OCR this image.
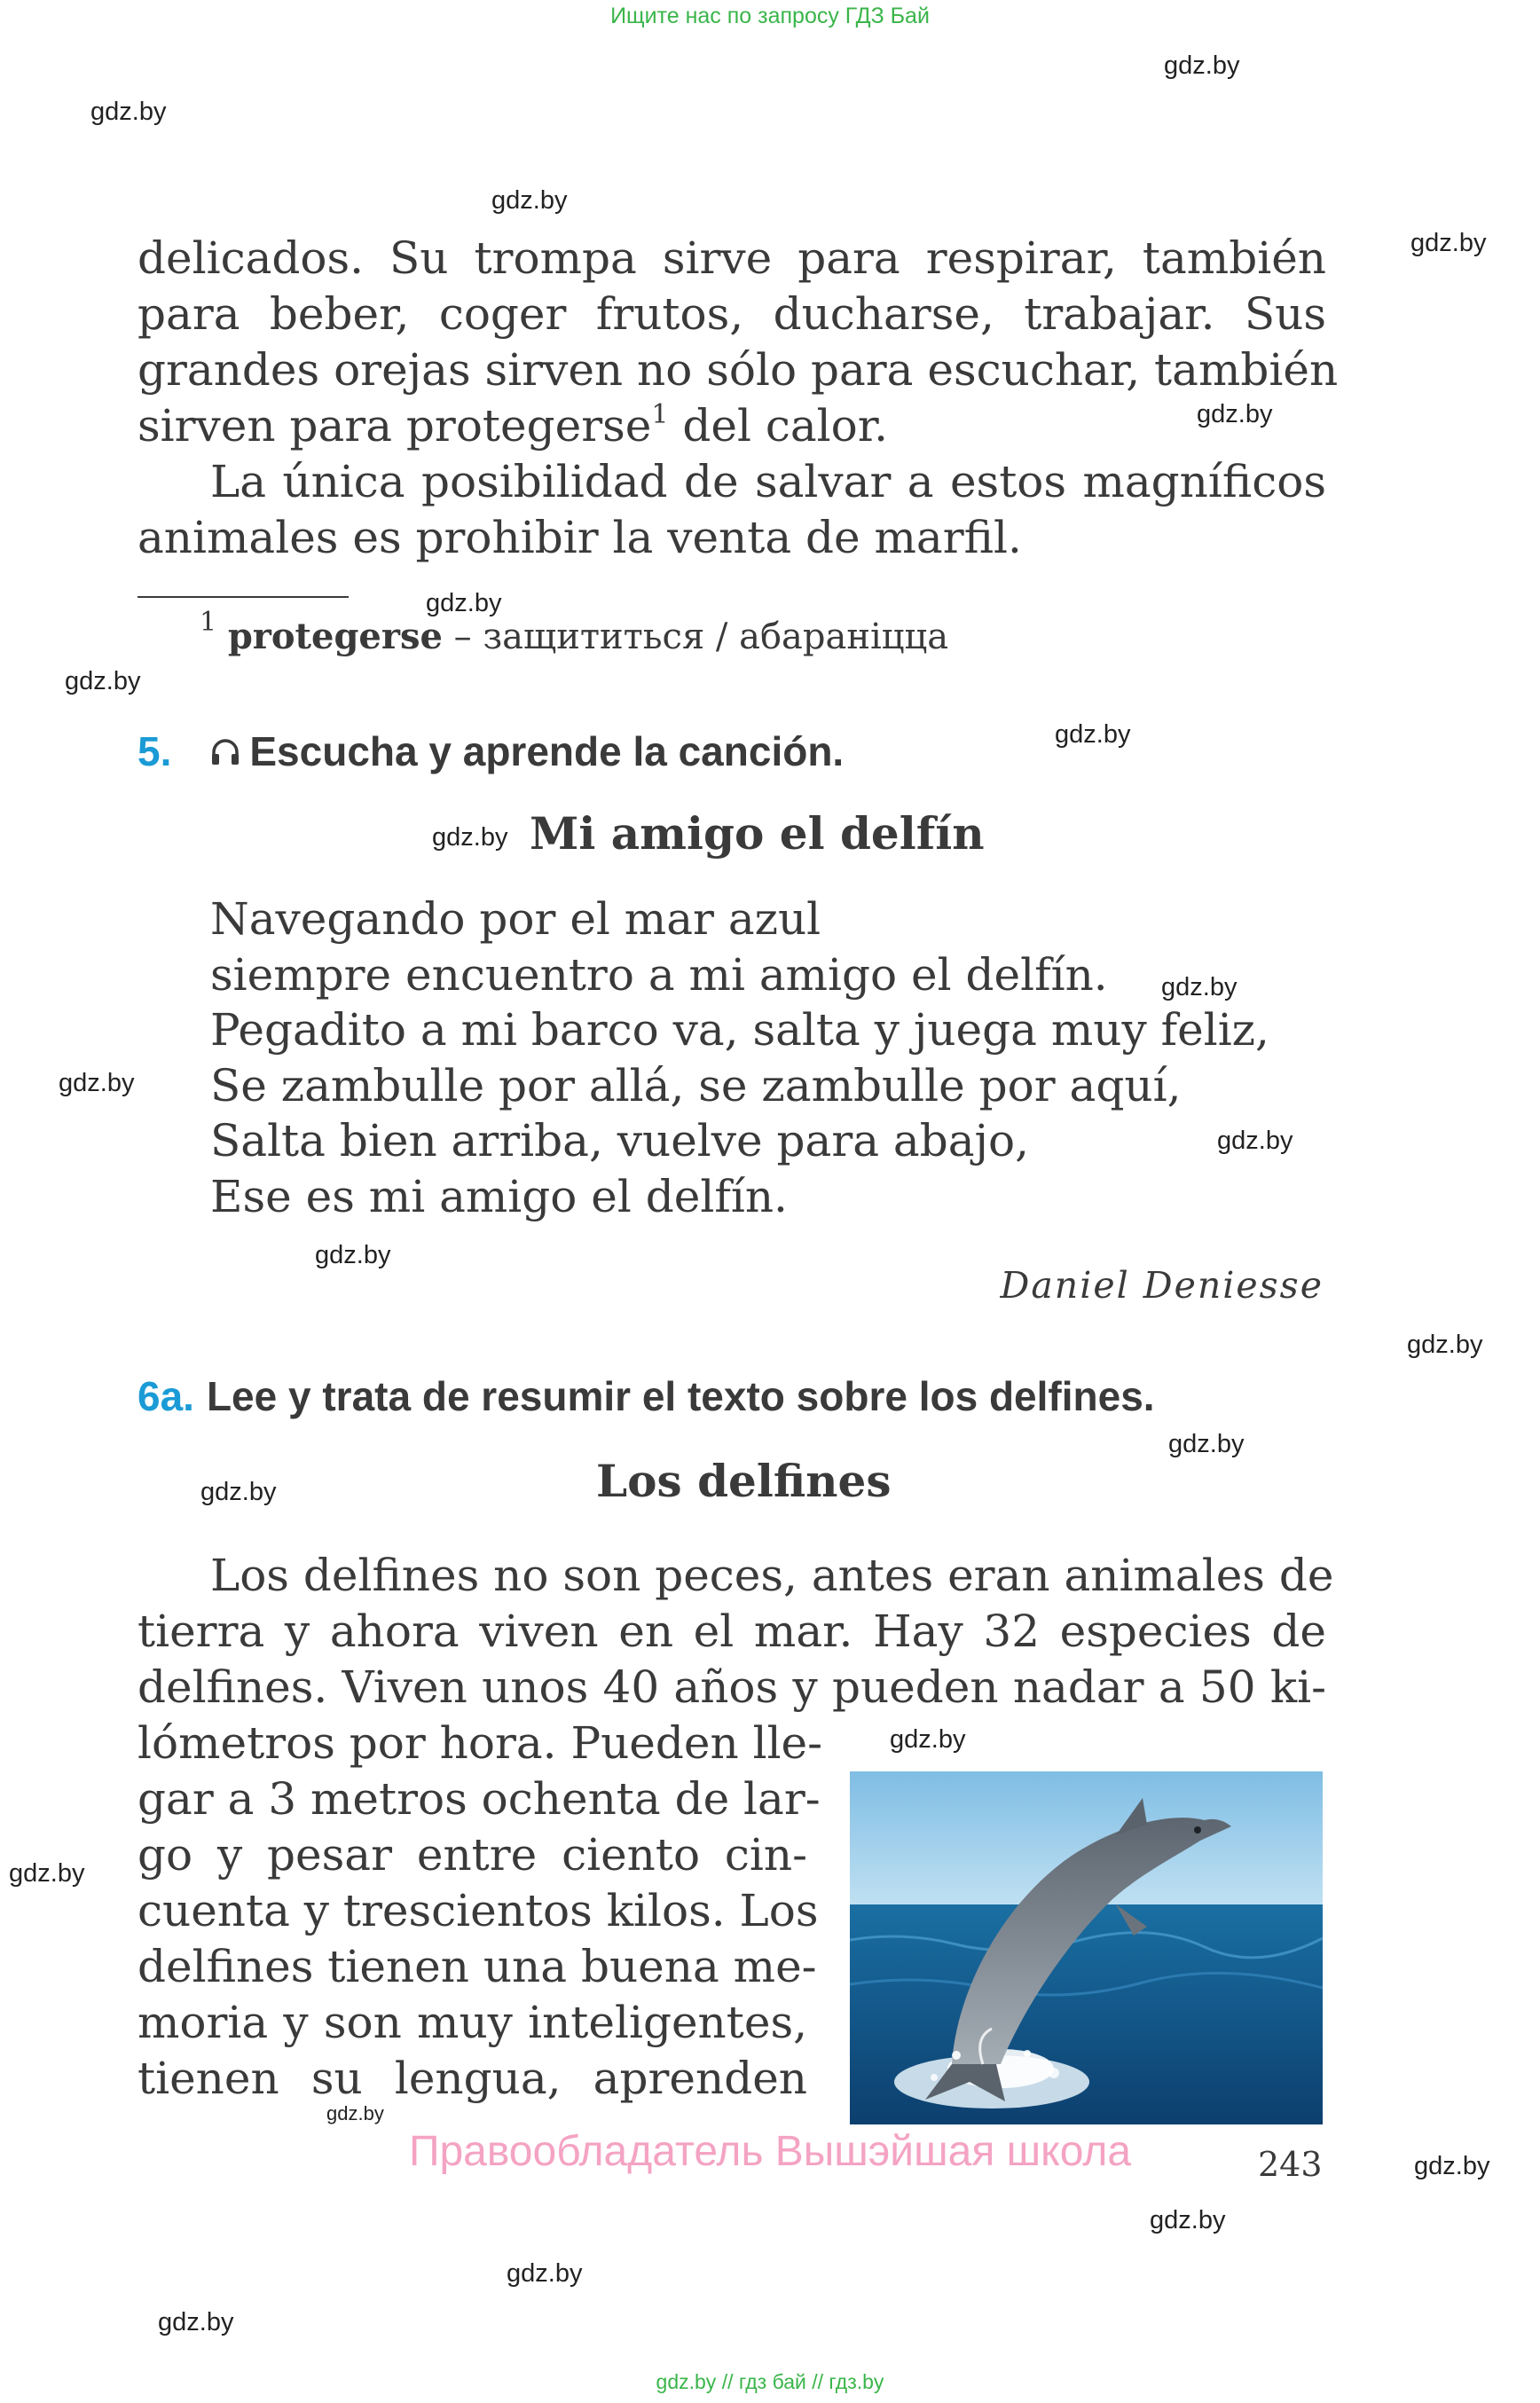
Ищите нас по запросу ГДЗ Бай
gdz.by
gdz.by
gdz.by
gdz.by
gdz.by
gdz.by
gdz.by
gdz.by
gdz.by
gdz.by
gdz.by
gdz.by
gdz.by
gdz.by
gdz.by
gdz.by
gdz.by
gdz.by
gdz.by
gdz.by
gdz.by
gdz.by
gdz.by
delicados. Su trompa sirve para respirar, también
para beber, coger frutos, ducharse, trabajar. Sus
grandes orejas sirven no sólo para escuchar, también
sirven para protegerse$^1$ del calor.
La única posibilidad de salvar a estos magníficos
animales es prohibir la venta de marfil.
$^1$ protegerse – защититься / абараніцца
5. Escucha y aprende la canción.
Mi amigo el delfín
Navegando por el mar azul
siempre encuentro a mi amigo el delfín.
Pegadito a mi barco va, salta y juega muy feliz,
Se zambulle por allá, se zambulle por aquí,
Salta bien arriba, vuelve para abajo,
Ese es mi amigo el delfín.
Daniel Deniesse
6a. Lee y trata de resumir el texto sobre los delfines.
Los delfines
Los delfines no son peces, antes eran animales de
tierra y ahora viven en el mar. Hay 32 especies de
delfines. Viven unos 40 años y pueden nadar a 50 ki-
lómetros por hora. Pueden lle-
gar a 3 metros ochenta de lar-
go y pesar entre ciento cin-
cuenta y trescientos kilos. Los
delfines tienen una buena me-
moria y son muy inteligentes,
tienen su lengua, aprenden
Правообладатель Вышэйшая школа	243
gdz.by // гдз бай // гдз.by
